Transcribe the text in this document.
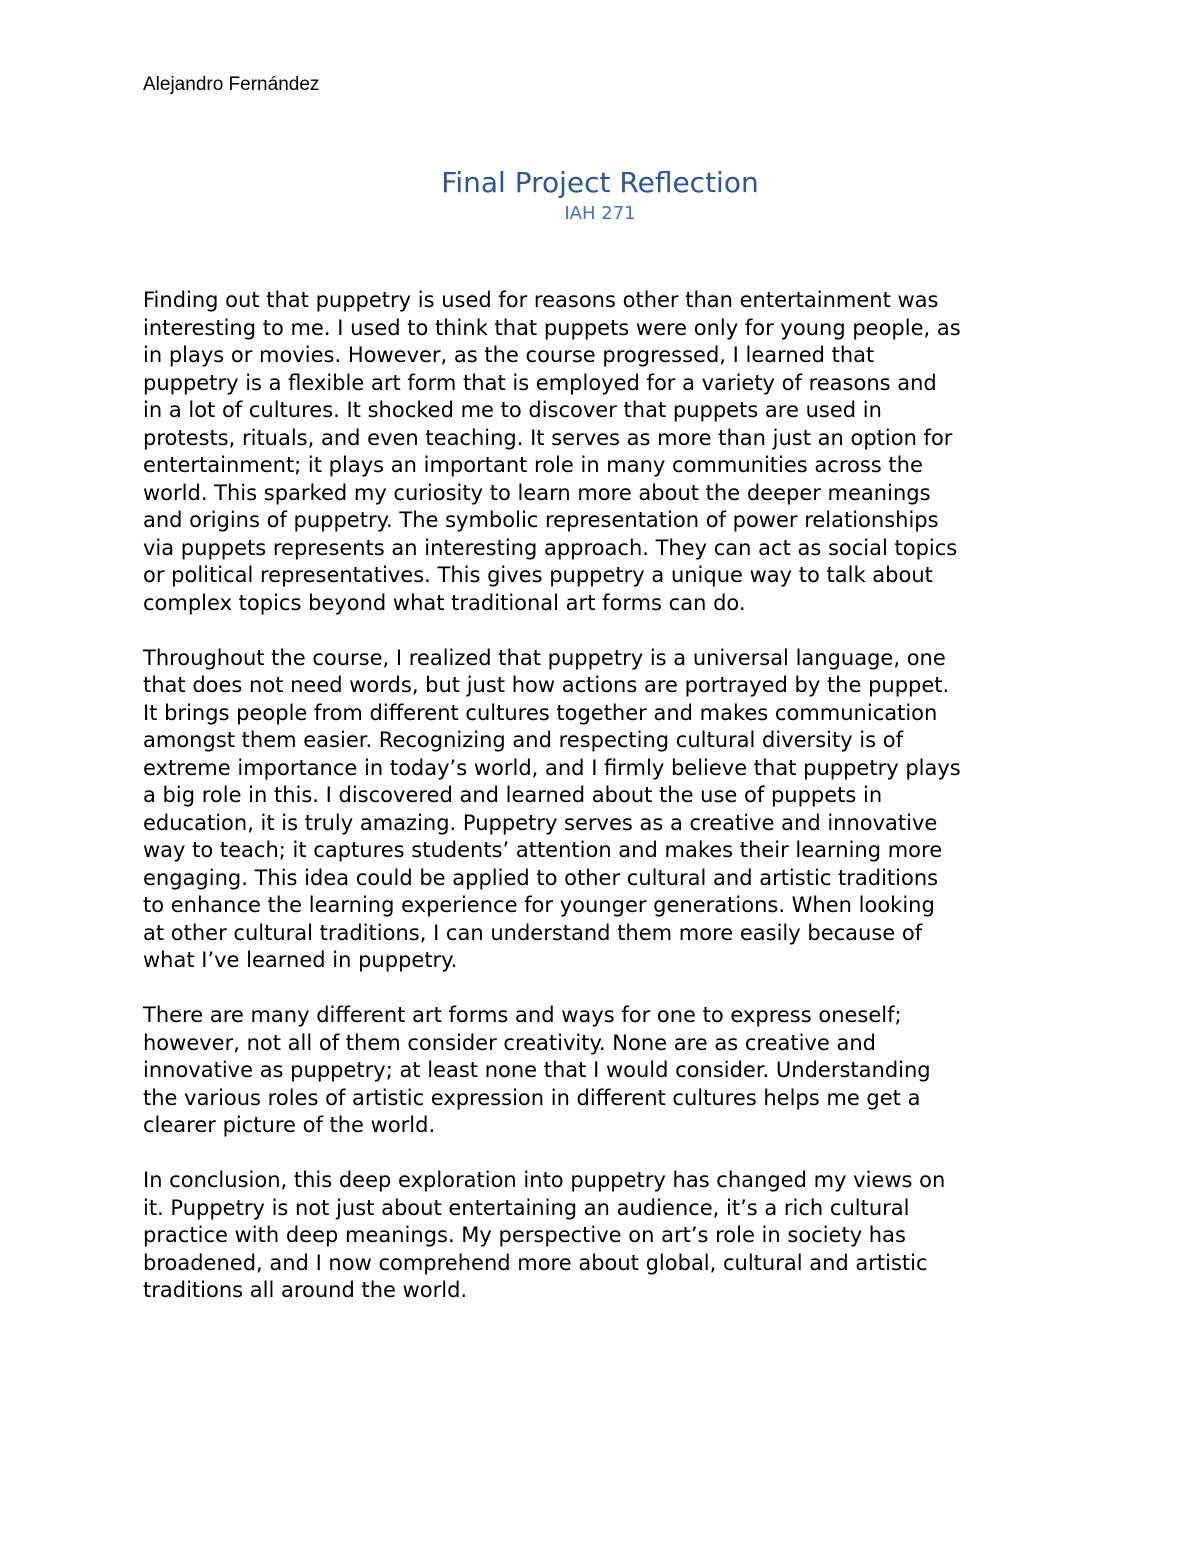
Alejandro Fernández
Final Project Reflection
IAH 271

Finding out that puppetry is used for reasons other than entertainment was
interesting to me. I used to think that puppets were only for young people, as
in plays or movies. However, as the course progressed, I learned that
puppetry is a flexible art form that is employed for a variety of reasons and
in a lot of cultures. It shocked me to discover that puppets are used in
protests, rituals, and even teaching. It serves as more than just an option for
entertainment; it plays an important role in many communities across the
world. This sparked my curiosity to learn more about the deeper meanings
and origins of puppetry. The symbolic representation of power relationships
via puppets represents an interesting approach. They can act as social topics
or political representatives. This gives puppetry a unique way to talk about
complex topics beyond what traditional art forms can do.

Throughout the course, I realized that puppetry is a universal language, one
that does not need words, but just how actions are portrayed by the puppet.
It brings people from different cultures together and makes communication
amongst them easier. Recognizing and respecting cultural diversity is of
extreme importance in today’s world, and I firmly believe that puppetry plays
a big role in this. I discovered and learned about the use of puppets in
education, it is truly amazing. Puppetry serves as a creative and innovative
way to teach; it captures students’ attention and makes their learning more
engaging. This idea could be applied to other cultural and artistic traditions
to enhance the learning experience for younger generations. When looking
at other cultural traditions, I can understand them more easily because of
what I’ve learned in puppetry.

There are many different art forms and ways for one to express oneself;
however, not all of them consider creativity. None are as creative and
innovative as puppetry; at least none that I would consider. Understanding
the various roles of artistic expression in different cultures helps me get a
clearer picture of the world.

In conclusion, this deep exploration into puppetry has changed my views on
it. Puppetry is not just about entertaining an audience, it’s a rich cultural
practice with deep meanings. My perspective on art’s role in society has
broadened, and I now comprehend more about global, cultural and artistic
traditions all around the world.
